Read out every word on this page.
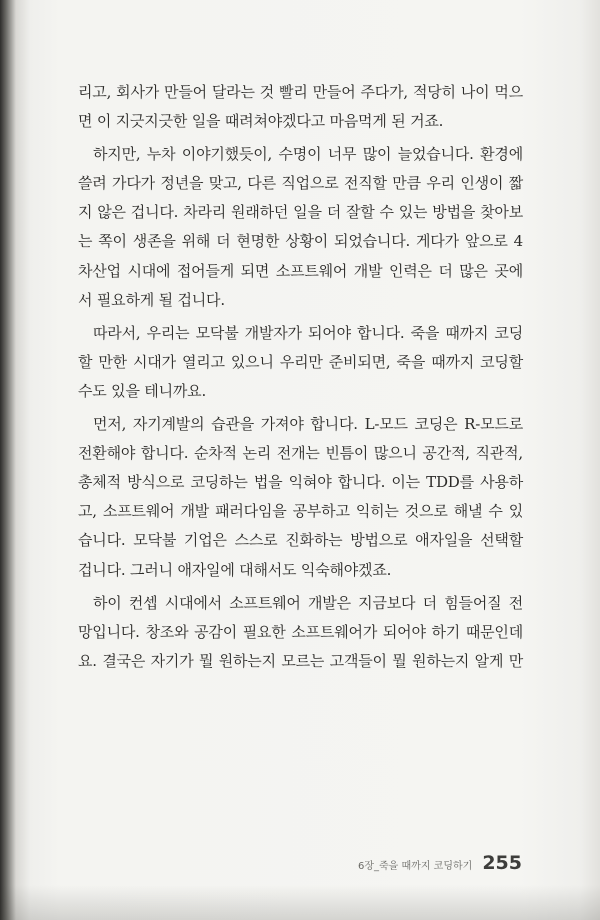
리고, 회사가 만들어 달라는 것 빨리 만들어 주다가, 적당히 나이 먹으
면 이 지긋지긋한 일을 때려쳐야겠다고 마음먹게 된 거죠.
하지만, 누차 이야기했듯이, 수명이 너무 많이 늘었습니다. 환경에
쓸려 가다가 정년을 맞고, 다른 직업으로 전직할 만큼 우리 인생이 짧
지 않은 겁니다. 차라리 원래하던 일을 더 잘할 수 있는 방법을 찾아보
는 쪽이 생존을 위해 더 현명한 상황이 되었습니다. 게다가 앞으로 4
차산업 시대에 접어들게 되면 소프트웨어 개발 인력은 더 많은 곳에
서 필요하게 될 겁니다.
따라서, 우리는 모닥불 개발자가 되어야 합니다. 죽을 때까지 코딩
할 만한 시대가 열리고 있으니 우리만 준비되면, 죽을 때까지 코딩할
수도 있을 테니까요.
먼저, 자기계발의 습관을 가져야 합니다. L-모드 코딩은 R-모드로
전환해야 합니다. 순차적 논리 전개는 빈틈이 많으니 공간적, 직관적,
총체적 방식으로 코딩하는 법을 익혀야 합니다. 이는 TDD를 사용하
고, 소프트웨어 개발 패러다임을 공부하고 익히는 것으로 해낼 수 있
습니다. 모닥불 기업은 스스로 진화하는 방법으로 애자일을 선택할
겁니다. 그러니 애자일에 대해서도 익숙해야겠죠.
하이 컨셉 시대에서 소프트웨어 개발은 지금보다 더 힘들어질 전
망입니다. 창조와 공감이 필요한 소프트웨어가 되어야 하기 때문인데
요. 결국은 자기가 뭘 원하는지 모르는 고객들이 뭘 원하는지 알게 만
6장_죽을 때까지 코딩하기 255
